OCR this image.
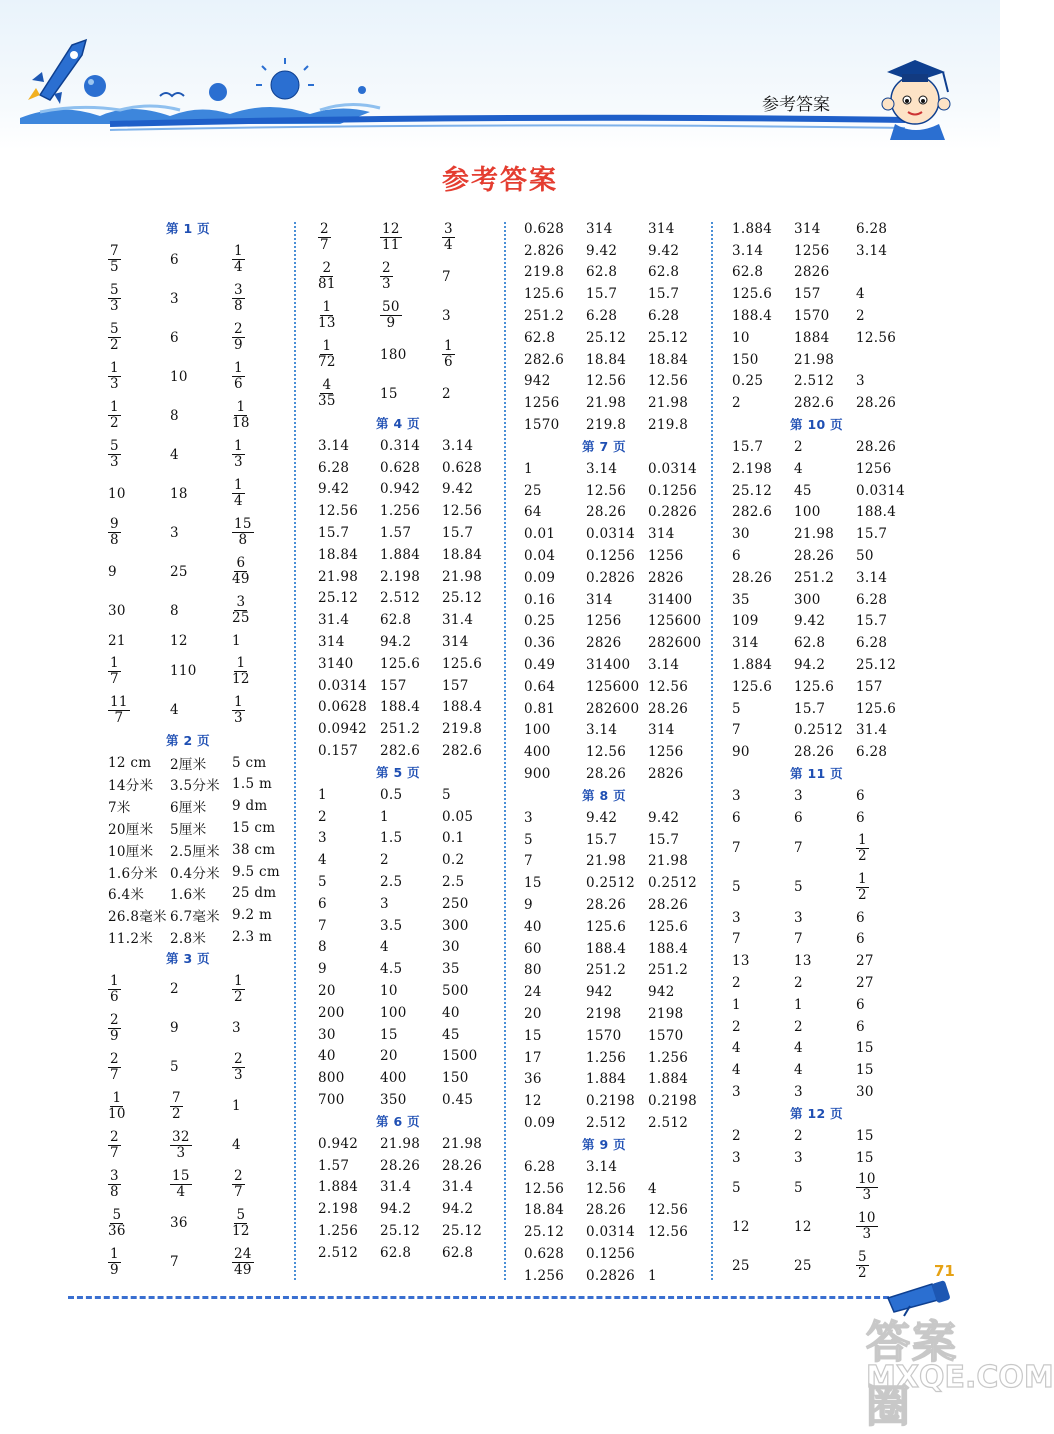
参考答案
参考答案
第 1 页
$\frac{7}{5}$	6	$\frac{1}{4}$
$\frac{5}{3}$	3	$\frac{3}{8}$
$\frac{5}{2}$	6	$\frac{2}{9}$
$\frac{1}{3}$	10	$\frac{1}{6}$
$\frac{1}{2}$	8	$\frac{1}{18}$
$\frac{5}{3}$	4	$\frac{1}{3}$
10	18	$\frac{1}{4}$
$\frac{9}{8}$	3	$\frac{15}{8}$
9	25	$\frac{6}{49}$
30	8	$\frac{3}{25}$
21	12	1
$\frac{1}{7}$	110	$\frac{1}{12}$
$\frac{11}{7}$	4	$\frac{1}{3}$
第 2 页
12 cm	2厘米	5 cm
14分米	3.5分米 1.5 m
7米	6厘米	9 dm
20厘米	5厘米	15 cm
10厘米	2.5厘米 38 cm
1.6分米 0.4分米 9.5 cm
6.4米	1.6米	25 dm
26.8毫米 6.7毫米 9.2 m
11.2米	2.8米	2.3 m
第 3 页
$\frac{1}{6}$	2	$\frac{1}{2}$
$\frac{2}{9}$	9	3
$\frac{2}{7}$	5	$\frac{2}{3}$
$\frac{1}{10}$	$\frac{7}{2}$	1
$\frac{2}{7}$	$\frac{32}{3}$	4
$\frac{3}{8}$	$\frac{15}{4}$	$\frac{2}{7}$
$\frac{5}{36}$	36	$\frac{5}{12}$
$\frac{1}{9}$	7	$\frac{24}{49}$
$\frac{2}{7}$	$\frac{12}{11}$	$\frac{3}{4}$
$\frac{2}{81}$	$\frac{2}{3}$	7
$\frac{1}{13}$	$\frac{50}{9}$	3
$\frac{1}{72}$	180	$\frac{1}{6}$
$\frac{4}{35}$	15	2
第 4 页
3.14	0.314	3.14
6.28	0.628	0.628
9.42	0.942	9.42
12.56	1.256	12.56
15.7	1.57	15.7
18.84	1.884	18.84
21.98	2.198	21.98
25.12	2.512	25.12
31.4	62.8	31.4
314	94.2	314
3140	125.6	125.6
0.0314 157	157
0.0628 188.4	188.4
0.0942 251.2	219.8
0.157	282.6	282.6
第 5 页
1	0.5	5
2	1	0.05
3	1.5	0.1
4	2	0.2
5	2.5	2.5
6	3	250
7	3.5	300
8	4	30
9	4.5	35
20	10	500
200	100	40
30	15	45
40	20	1500
800	400	150
700	350	0.45
第 6 页
0.942	21.98	21.98
1.57	28.26	28.26
1.884	31.4	31.4
2.198	94.2	94.2
1.256	25.12	25.12
2.512	62.8	62.8
0.628	314	314
2.826	9.42	9.42
219.8	62.8	62.8
125.6	15.7	15.7
251.2	6.28	6.28
62.8	25.12	25.12
282.6	18.84	18.84
942	12.56	12.56
1256	21.98	21.98
1570	219.8	219.8
第 7 页
1	3.14	0.0314
25	12.56	0.1256
64	28.26	0.2826
0.01	0.0314 314
0.04	0.1256 1256
0.09	0.2826 2826
0.16	314	31400
0.25	1256	125600
0.36	2826	282600
0.49	31400	3.14
0.64	125600 12.56
0.81	282600 28.26
100	3.14	314
400	12.56	1256
900	28.26	2826
第 8 页
3	9.42	9.42
5	15.7	15.7
7	21.98	21.98
15	0.2512 0.2512
9	28.26	28.26
40	125.6	125.6
60	188.4	188.4
80	251.2	251.2
24	942	942
20	2198	2198
15	1570	1570
17	1.256	1.256
36	1.884	1.884
12	0.2198 0.2198
0.09	2.512	2.512
第 9 页
6.28	3.14
12.56	12.56	4
18.84	28.26	12.56
25.12	0.0314 12.56
0.628	0.1256
1.256	0.2826 1
1.884	314	6.28
3.14	1256	3.14
62.8	2826
125.6	157	4
188.4	1570	2
10	1884	12.56
150	21.98
0.25	2.512	3
2	282.6	28.26
第 10 页
15.7	2	28.26
2.198	4	1256
25.12	45	0.0314
282.6	100	188.4
30	21.98	15.7
6	28.26	50
28.26	251.2	3.14
35	300	6.28
109	9.42	15.7
314	62.8	6.28
1.884	94.2	25.12
125.6	125.6	157
5	15.7	125.6
7	0.2512 31.4
90	28.26	6.28
第 11 页
3	3	6
6	6	6
7	7	$\frac{1}{2}$
5	5	$\frac{1}{2}$
3	3	6
7	7	6
13	13	27
2	2	27
1	1	6
2	2	6
4	4	15
4	4	15
3	3	30
第 12 页
2	2	15
3	3	15
5	5	$\frac{10}{3}$
12	12	$\frac{10}{3}$
25	25	$\frac{5}{2}$	71
答案圈
MXQE.COM
